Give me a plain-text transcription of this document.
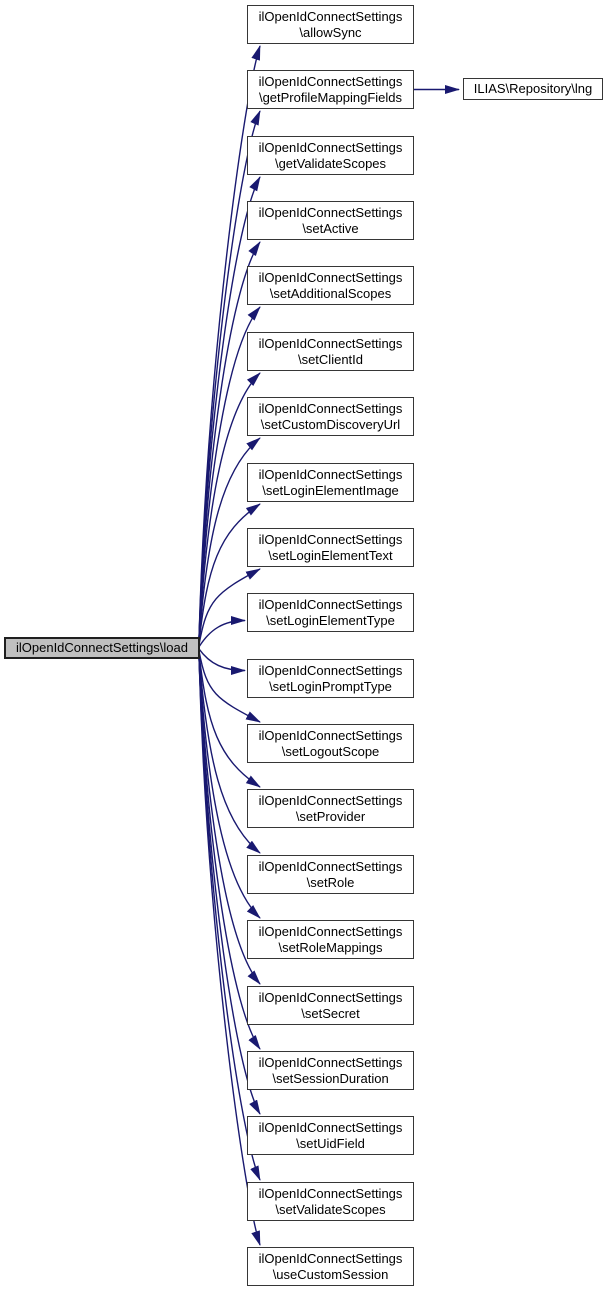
ilOpenIdConnectSettings\load
ilOpenIdConnectSettings
\allowSync
ilOpenIdConnectSettings
\getProfileMappingFields
ilOpenIdConnectSettings
\getValidateScopes
ilOpenIdConnectSettings
\setActive
ilOpenIdConnectSettings
\setAdditionalScopes
ilOpenIdConnectSettings
\setClientId
ilOpenIdConnectSettings
\setCustomDiscoveryUrl
ilOpenIdConnectSettings
\setLoginElementImage
ilOpenIdConnectSettings
\setLoginElementText
ilOpenIdConnectSettings
\setLoginElementType
ilOpenIdConnectSettings
\setLoginPromptType
ilOpenIdConnectSettings
\setLogoutScope
ilOpenIdConnectSettings
\setProvider
ilOpenIdConnectSettings
\setRole
ilOpenIdConnectSettings
\setRoleMappings
ilOpenIdConnectSettings
\setSecret
ilOpenIdConnectSettings
\setSessionDuration
ilOpenIdConnectSettings
\setUidField
ilOpenIdConnectSettings
\setValidateScopes
ilOpenIdConnectSettings
\useCustomSession
ILIAS\Repository\lng
